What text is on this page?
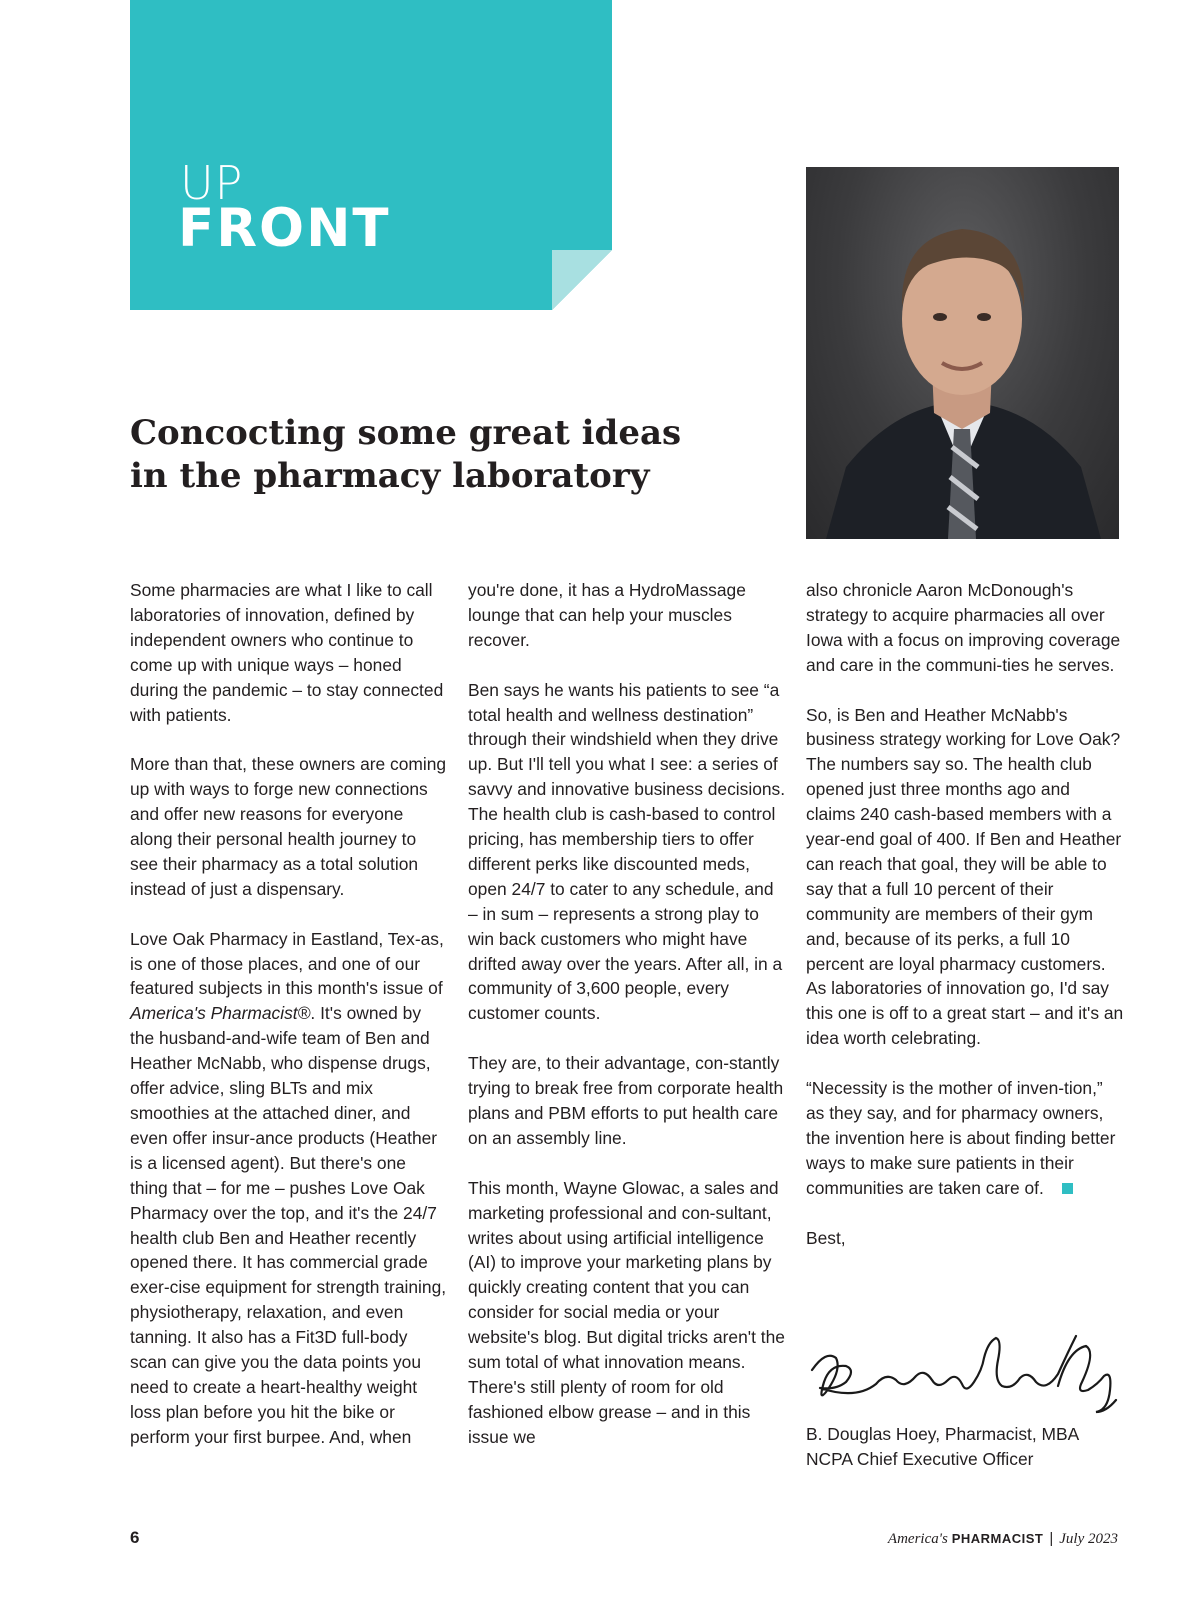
UP
FRONT
Concocting some great ideas in the pharmacy laboratory

Some pharmacies are what I like to call laboratories of innovation, defined by independent owners who continue to come up with unique ways – honed during the pandemic – to stay connected with patients.

More than that, these owners are coming up with ways to forge new connections and offer new reasons for everyone along their personal health journey to see their pharmacy as a total solution instead of just a dispensary.

Love Oak Pharmacy in Eastland, Tex-as, is one of those places, and one of our featured subjects in this month's issue of America's Pharmacist®. It's owned by the husband-and-wife team of Ben and Heather McNabb, who dispense drugs, offer advice, sling BLTs and mix smoothies at the attached diner, and even offer insur-ance products (Heather is a licensed agent). But there's one thing that – for me – pushes Love Oak Pharmacy over the top, and it's the 24/7 health club Ben and Heather recently opened there. It has commercial grade exer-cise equipment for strength training, physiotherapy, relaxation, and even tanning. It also has a Fit3D full-body scan can give you the data points you need to create a heart-healthy weight loss plan before you hit the bike or perform your first burpee. And, when

you're done, it has a HydroMassage lounge that can help your muscles recover.

Ben says he wants his patients to see “a total health and wellness destination” through their windshield when they drive up. But I'll tell you what I see: a series of savvy and innovative business decisions. The health club is cash-based to control pricing, has membership tiers to offer different perks like discounted meds, open 24/7 to cater to any schedule, and – in sum – represents a strong play to win back customers who might have drifted away over the years. After all, in a community of 3,600 people, every customer counts.

They are, to their advantage, con-stantly trying to break free from corporate health plans and PBM efforts to put health care on an assembly line.

This month, Wayne Glowac, a sales and marketing professional and con-sultant, writes about using artificial intelligence (AI) to improve your marketing plans by quickly creating content that you can consider for social media or your website's blog. But digital tricks aren't the sum total of what innovation means. There's still plenty of room for old fashioned elbow grease – and in this issue we

also chronicle Aaron McDonough's strategy to acquire pharmacies all over Iowa with a focus on improving coverage and care in the communi-ties he serves.

So, is Ben and Heather McNabb's business strategy working for Love Oak? The numbers say so. The health club opened just three months ago and claims 240 cash-based members with a year-end goal of 400. If Ben and Heather can reach that goal, they will be able to say that a full 10 percent of their community are members of their gym and, because of its perks, a full 10 percent are loyal pharmacy customers. As laboratories of innovation go, I'd say this one is off to a great start – and it's an idea worth celebrating.

“Necessity is the mother of inven-tion,” as they say, and for pharmacy owners, the invention here is about finding better ways to make sure patients in their communities are taken care of.

Best,

B. Douglas Hoey, Pharmacist, MBA
NCPA Chief Executive Officer
6	America's PHARMACIST | July 2023
